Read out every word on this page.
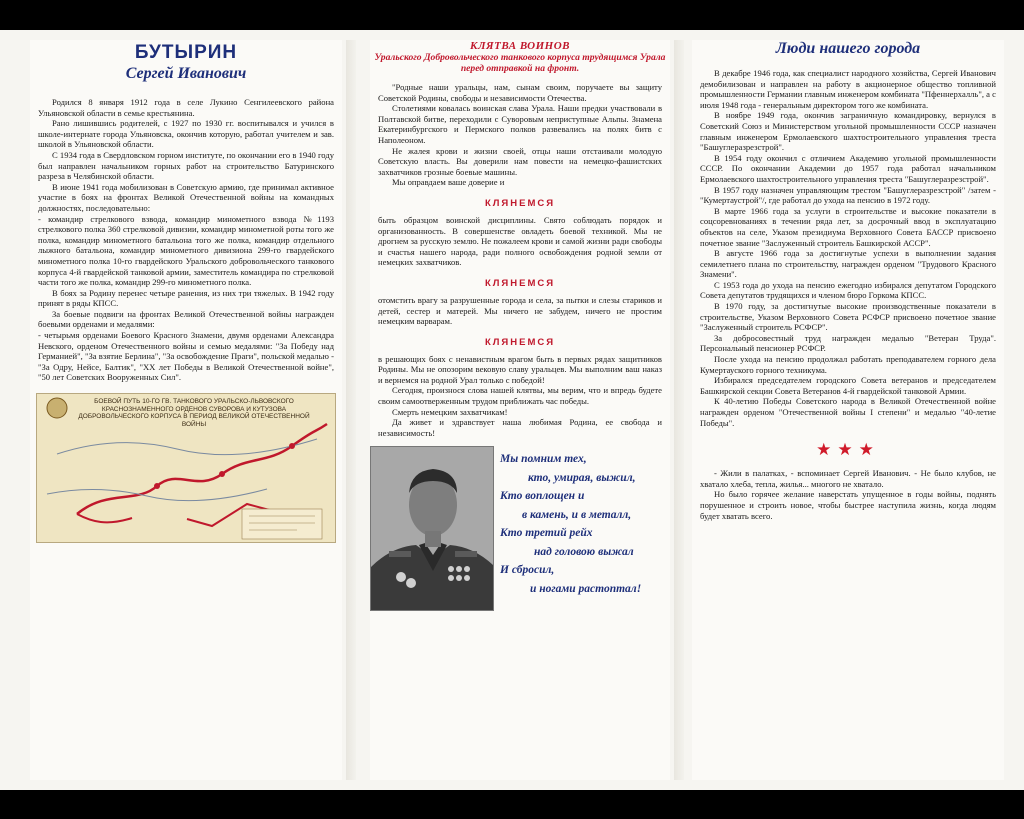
БУТЫРИН
Сергей Иванович

Родился 8 января 1912 года в селе Лукино Сенгилеевского района Ульяновской области в семье крестьянина.

Рано лишившись родителей, с 1927 по 1930 гг. воспитывался и учился в школе-интернате города Ульяновска, окончив которую, работал учителем и зав. школой в Ульяновской области.

С 1934 года в Свердловском горном институте, по окончании его в 1940 году был направлен начальником горных работ на строительство Батуринского разреза в Челябинской области.

В июне 1941 года мобилизован в Советскую армию, где принимал активное участие в боях на фронтах Великой Отечественной войны на командных должностях, последовательно:

- командир стрелкового взвода, командир минометного взвода №1193 стрелкового полка 360 стрелковой дивизии, командир минометной роты того же полка, командир минометного батальона того же полка, командир отдельного лыжного батальона, командир минометного дивизиона 299-го гвардейского минометного полка 10-го гвардейского Уральского добровольческого танкового корпуса 4-й гвардейской танковой армии, заместитель командира по стрелковой части того же полка, командир 299-го минометного полка.

В боях за Родину перенес четыре ранения, из них три тяжелых. В 1942 году принят в ряды КПСС.

За боевые подвиги на фронтах Великой Отечественной войны награжден боевыми орденами и медалями:

- четырьмя орденами Боевого Красного Знамени, двумя орденами Александра Невского, орденом Отечественного войны и семью медалями: "За Победу над Германией", "За взятие Берлина", "За освобождение Праги", польской медалью - "За Одру, Нейсе, Балтик", "XX лет Победы в Великой Отечественной войне", "50 лет Советских Вооруженных Сил".

БОЕВОЙ ПУТЬ 10-ГО ГВ. ТАНКОВОГО УРАЛЬСКО-ЛЬВОВСКОГО КРАСНОЗНАМЕННОГО ОРДЕНОВ СУВОРОВА И КУТУЗОВА ДОБРОВОЛЬЧЕСКОГО КОРПУСА В ПЕРИОД ВЕЛИКОЙ ОТЕЧЕСТВЕННОЙ ВОЙНЫ
КЛЯТВА ВОИНОВ
Уральского Добровольческого танкового корпуса трудящимся Урала перед отправкой на фронт.

"Родные наши уральцы, нам, сынам своим, поручаете вы защиту Советской Родины, свободы и независимости Отечества.

Столетиями ковалась воинская слава Урала. Наши предки участвовали в Полтавской битве, переходили с Суворовым неприступные Альпы. Знамена Екатеринбургского и Пермского полков развевались на полях битв с Наполеоном.

Не жалея крови и жизни своей, отцы наши отстаивали молодую Советскую власть. Вы доверили нам повести на немецко-фашистских захватчиков грозные боевые машины.

Мы оправдаем ваше доверие и

КЛЯНЕМСЯ

быть образцом воинской дисциплины. Свято соблюдать порядок и организованность. В совершенстве овладеть боевой техникой. Мы не дрогнем за русскую землю. Не пожалеем крови и самой жизни ради свободы и счастья нашего народа, ради полного освобождения родной земли от немецких захватчиков.

КЛЯНЕМСЯ

отомстить врагу за разрушенные города и села, за пытки и слезы стариков и детей, сестер и матерей. Мы ничего не забудем, ничего не простим немецким варварам.

КЛЯНЕМСЯ

в решающих боях с ненавистным врагом быть в первых рядах защитников Родины. Мы не опозорим вековую славу уральцев. Мы выполним ваш наказ и вернемся на родной Урал только с победой!

Сегодня, произнося слова нашей клятвы, мы верим, что и впредь будете своим самоотверженным трудом приближать час победы.

Смерть немецким захватчикам!

Да живет и здравствует наша любимая Родина, ее свобода и независимость!

Мы помним тех,
кто, умирая, выжил,
Кто воплощен и
в камень, и в металл,
Кто третий рейх
над головою выжал
И сбросил,
и ногами растоптал!
Люди нашего города

В декабре 1946 года, как специалист народного хозяйства, Сергей Иванович демобилизован и направлен на работу в акционерное общество топливной промышленности Германии главным инженером комбината "Пфеннерхалль", а с июля 1948 года - генеральным директором того же комбината.

В ноябре 1949 года, окончив заграничную командировку, вернулся в Советский Союз и Министерством угольной промышленности СССР назначен главным инженером Ермолаевского шахтостроительного управления треста "Башуглеразрезстрой".

В 1954 году окончил с отличием Академию угольной промышленности СССР. По окончании Академии до 1957 года работал начальником Ермолаевского шахтостроительного управления треста "Башуглеразрезстрой".

В 1957 году назначен управляющим трестом "Башуглеразрезстрой" /затем - "Кумертаустрой"/, где работал до ухода на пенсию в 1972 году.

В марте 1966 года за услуги в строительстве и высокие показатели в соцсоревнованиях в течении ряда лет, за досрочный ввод в эксплуатацию объектов на селе, Указом президиума Верховного Совета БАССР присвоено почетное звание "Заслуженный строитель Башкирской АССР".

В августе 1966 года за достигнутые успехи в выполнении задания семилетнего плана по строительству, награжден орденом "Трудового Красного Знамени".

С 1953 года до ухода на пенсию ежегодно избирался депутатом Городского Совета депутатов трудящихся и членом бюро Горкома КПСС.

В 1970 году, за достигнутые высокие производственные показатели в строительстве, Указом Верховного Совета РСФСР присвоено почетное звание "Заслуженный строитель РСФСР".

За добросовестный труд награжден медалью "Ветеран Труда". Персональный пенсионер РСФСР.

После ухода на пенсию продолжал работать преподавателем горного дела Кумертауского горного техникума.

Избирался председателем городского Совета ветеранов и председателем Башкирской секции Совета Ветеранов 4-й гвардейской танковой Армии.

К 40-летию Победы Советского народа в Великой Отечественной войне награжден орденом "Отечественной войны I степени" и медалью "40-летие Победы".

★★★

- Жили в палатках, - вспоминает Сергей Иванович. - Не было клубов, не хватало хлеба, тепла, жилья... многого не хватало.

Но было горячее желание наверстать упущенное в годы войны, поднять порушенное и строить новое, чтобы быстрее наступила жизнь, когда людям будет хватать всего.
